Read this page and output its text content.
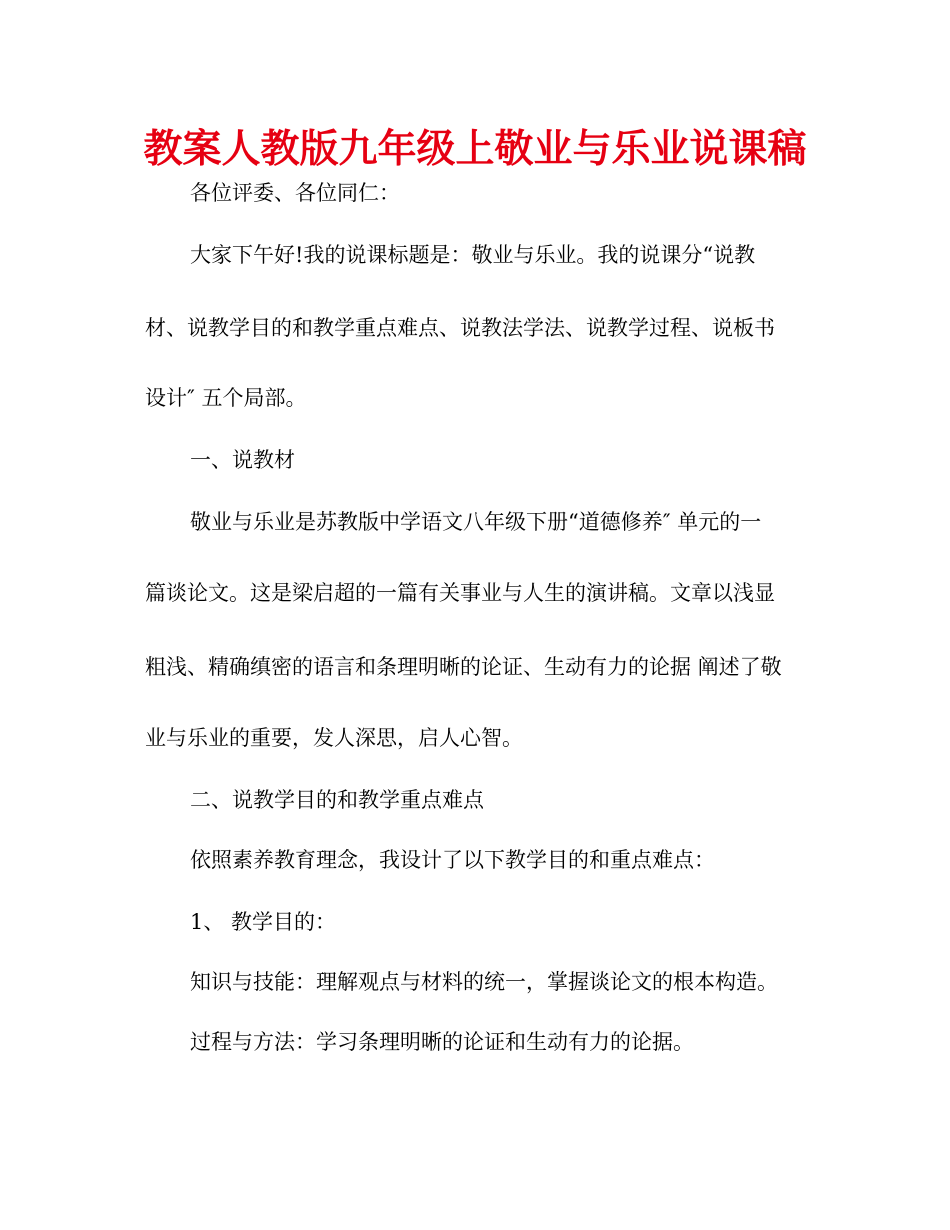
教案人教版九年级上敬业与乐业说课稿
各位评委、各位同仁：
大家下午好!我的说课标题是：敬业与乐业。我的说课分“说教
材、说教学目的和教学重点难点、说教法学法、说教学过程、说板书
设计″ 五个局部。
一、说教材
敬业与乐业是苏教版中学语文八年级下册“道德修养″ 单元的一
篇谈论文。这是梁启超的一篇有关事业与人生的演讲稿。文章以浅显
粗浅、精确缜密的语言和条理明晰的论证、生动有力的论据 阐述了敬
业与乐业的重要，发人深思，启人心智。
二、说教学目的和教学重点难点
依照素养教育理念，我设计了以下教学目的和重点难点：
1、 教学目的：
知识与技能：理解观点与材料的统一，掌握谈论文的根本构造。
过程与方法：学习条理明晰的论证和生动有力的论据。
